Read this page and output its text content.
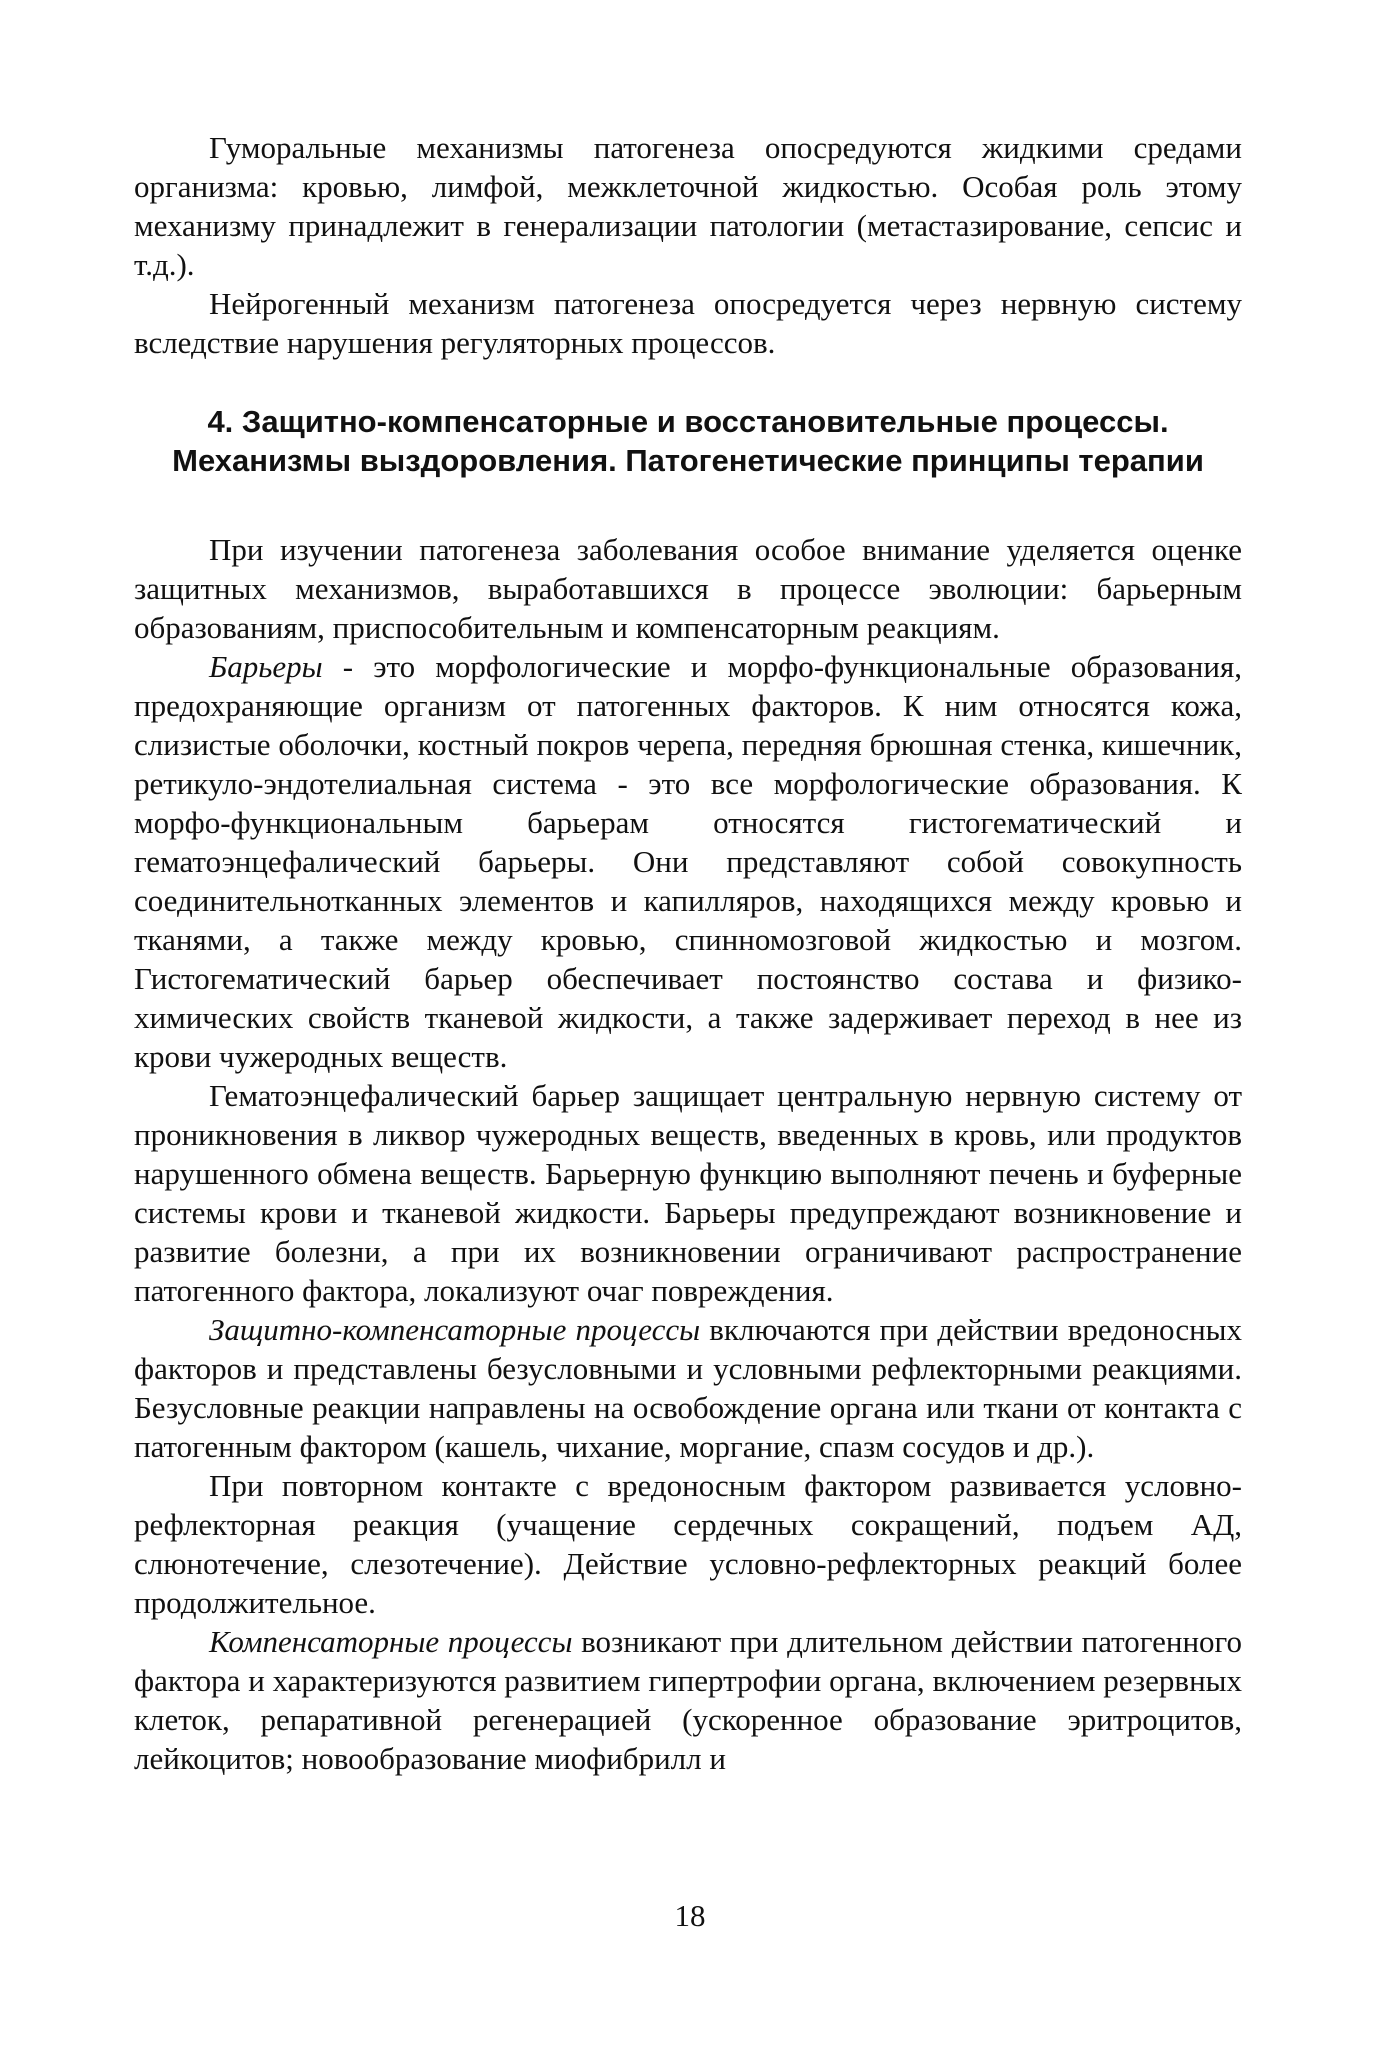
Гуморальные механизмы патогенеза опосредуются жидкими средами организма: кровью, лимфой, межклеточной жидкостью. Особая роль этому механизму принадлежит в генерализации патологии (метастазирование, сепсис и т.д.).

Нейрогенный механизм патогенеза опосредуется через нервную систему вследствие нарушения регуляторных процессов.

4. Защитно-компенсаторные и восстановительные процессы.
Механизмы выздоровления. Патогенетические принципы терапии

При изучении патогенеза заболевания особое внимание уделяется оценке защитных механизмов, выработавшихся в процессе эволюции: барьерным образованиям, приспособительным и компенсаторным реакциям.

Барьеры - это морфологические и морфо-функциональные образования, предохраняющие организм от патогенных факторов. К ним относятся кожа, слизистые оболочки, костный покров черепа, передняя брюшная стенка, кишечник, ретикуло-эндотелиальная система - это все морфологические образования. К морфо-функциональным барьерам относятся гистогематический и гематоэнцефалический барьеры. Они представляют собой совокупность соединительнотканных элементов и капилляров, находящихся между кровью и тканями, а также между кровью, спинномозговой жидкостью и мозгом. Гистогематический барьер обеспечивает постоянство состава и физико-химических свойств тканевой жидкости, а также задерживает переход в нее из крови чужеродных веществ.

Гематоэнцефалический барьер защищает центральную нервную систему от проникновения в ликвор чужеродных веществ, введенных в кровь, или продуктов нарушенного обмена веществ. Барьерную функцию выполняют печень и буферные системы крови и тканевой жидкости. Барьеры предупреждают возникновение и развитие болезни, а при их возникновении ограничивают распространение патогенного фактора, локализуют очаг повреждения.

Защитно-компенсаторные процессы включаются при действии вредоносных факторов и представлены безусловными и условными рефлекторными реакциями. Безусловные реакции направлены на освобождение органа или ткани от контакта с патогенным фактором (кашель, чихание, моргание, спазм сосудов и др.).

При повторном контакте с вредоносным фактором развивается условно-рефлекторная реакция (учащение сердечных сокращений, подъем АД, слюнотечение, слезотечение). Действие условно-рефлекторных реакций более продолжительное.

Компенсаторные процессы возникают при длительном действии патогенного фактора и характеризуются развитием гипертрофии органа, включением резервных клеток, репаративной регенерацией (ускоренное образование эритроцитов, лейкоцитов; новообразование миофибрилл и

18
